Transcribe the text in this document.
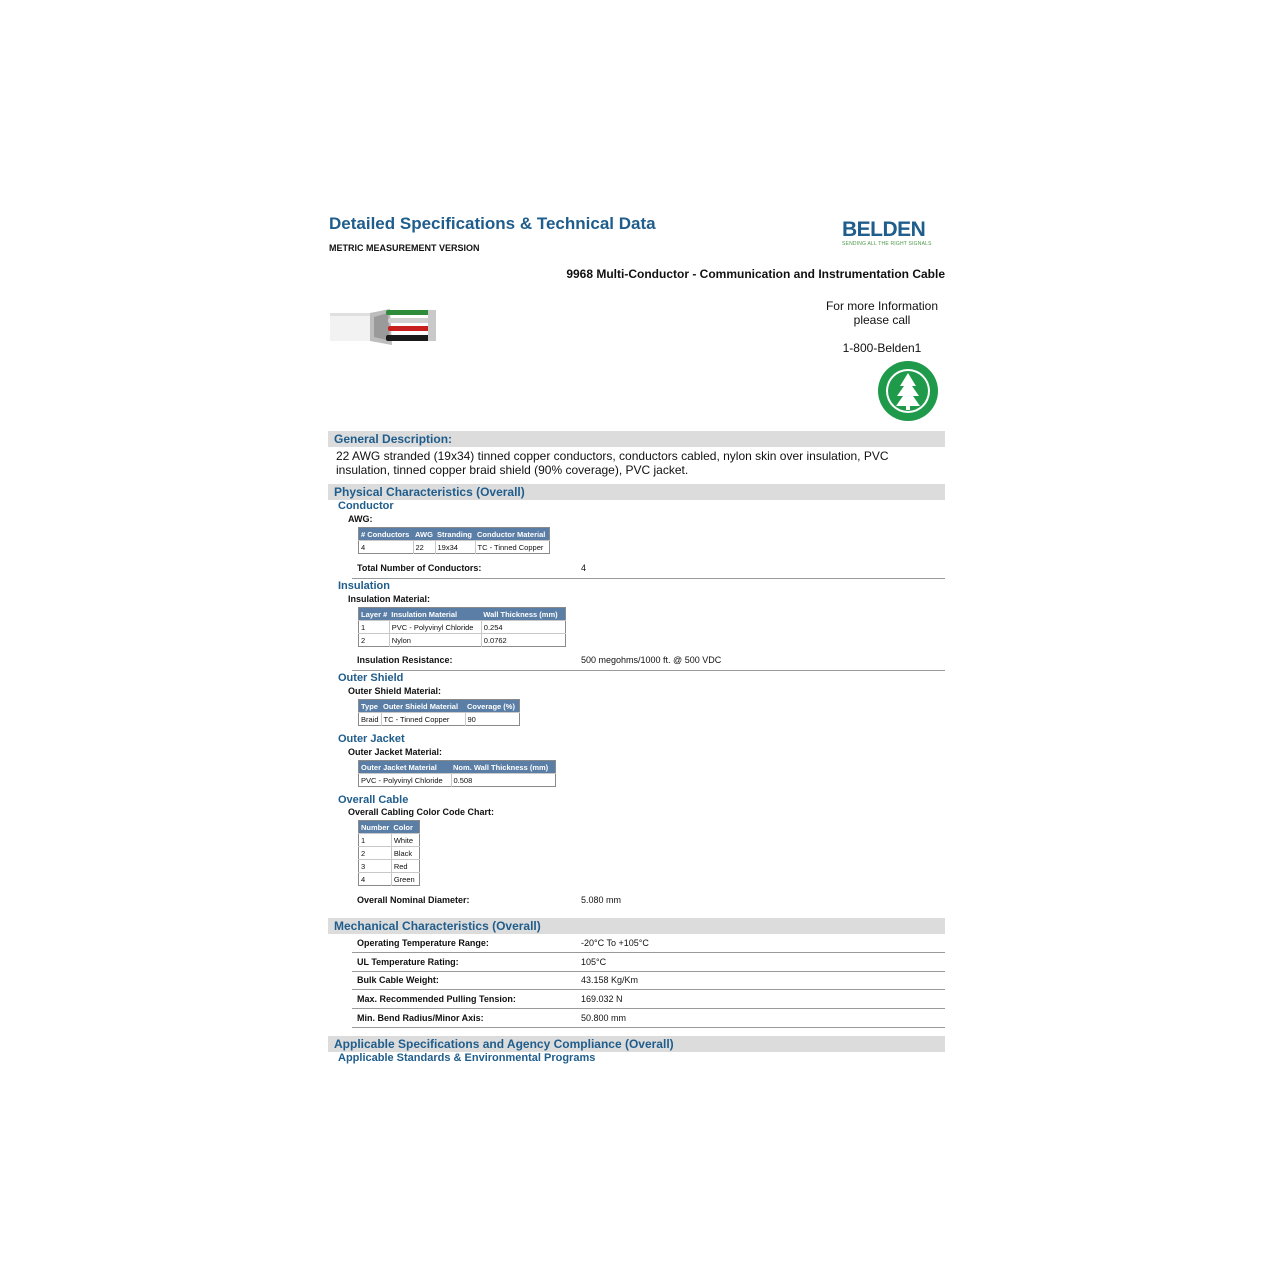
Detailed Specifications & Technical Data
METRIC MEASUREMENT VERSION
BELDEN
SENDING ALL THE RIGHT SIGNALS
9968 Multi-Conductor - Communication and Instrumentation Cable
For more Information
please call
1-800-Belden1
General Description:
22 AWG stranded (19x34) tinned copper conductors, conductors cabled, nylon skin over insulation, PVC insulation, tinned copper braid shield (90% coverage), PVC jacket.
Physical Characteristics (Overall)
Conductor
AWG:
# Conductors	AWG	Stranding	Conductor Material
4	22	19x34	TC - Tinned Copper
Total Number of Conductors:	4
Insulation
Insulation Material:
Layer #	Insulation Material	Wall Thickness (mm)
1	PVC - Polyvinyl Chloride	0.254
2	Nylon	0.0762
Insulation Resistance:	500 megohms/1000 ft. @ 500 VDC
Outer Shield
Outer Shield Material:
Type	Outer Shield Material	Coverage (%)
Braid	TC - Tinned Copper	90
Outer Jacket
Outer Jacket Material:
Outer Jacket Material	Nom. Wall Thickness (mm)
PVC - Polyvinyl Chloride	0.508
Overall Cable
Overall Cabling Color Code Chart:
Number	Color
1	White
2	Black
3	Red
4	Green
Overall Nominal Diameter:	5.080 mm
Mechanical Characteristics (Overall)
Operating Temperature Range:	-20°C To +105°C
UL Temperature Rating:	105°C
Bulk Cable Weight:	43.158 Kg/Km
Max. Recommended Pulling Tension:	169.032 N
Min. Bend Radius/Minor Axis:	50.800 mm
Applicable Specifications and Agency Compliance (Overall)
Applicable Standards & Environmental Programs
